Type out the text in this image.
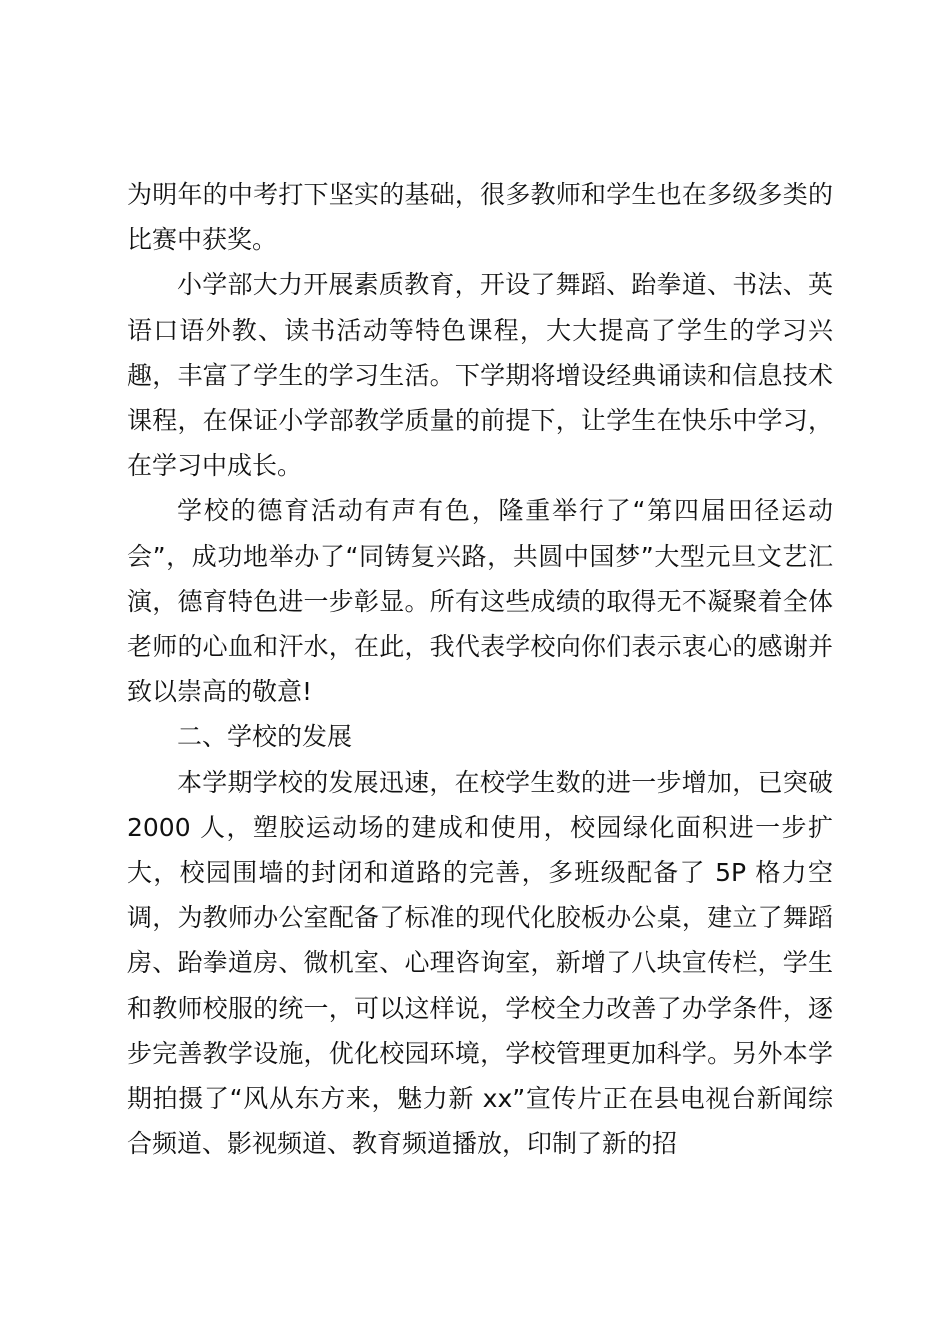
为明年的中考打下坚实的基础，很多教师和学生也在多级多类的比赛中获奖。

小学部大力开展素质教育，开设了舞蹈、跆拳道、书法、英语口语外教、读书活动等特色课程，大大提高了学生的学习兴趣，丰富了学生的学习生活。下学期将增设经典诵读和信息技术课程，在保证小学部教学质量的前提下，让学生在快乐中学习，在学习中成长。

学校的德育活动有声有色，隆重举行了“第四届田径运动会”，成功地举办了“同铸复兴路，共圆中国梦”大型元旦文艺汇演，德育特色进一步彰显。所有这些成绩的取得无不凝聚着全体老师的心血和汗水，在此，我代表学校向你们表示衷心的感谢并致以崇高的敬意!

二、学校的发展

本学期学校的发展迅速，在校学生数的进一步增加，已突破 2000 人，塑胶运动场的建成和使用，校园绿化面积进一步扩大，校园围墙的封闭和道路的完善，多班级配备了 5P 格力空调，为教师办公室配备了标准的现代化胶板办公桌，建立了舞蹈房、跆拳道房、微机室、心理咨询室，新增了八块宣传栏，学生和教师校服的统一，可以这样说，学校全力改善了办学条件，逐步完善教学设施，优化校园环境，学校管理更加科学。另外本学期拍摄了“风从东方来，魅力新 xx”宣传片正在县电视台新闻综合频道、影视频道、教育频道播放，印制了新的招
